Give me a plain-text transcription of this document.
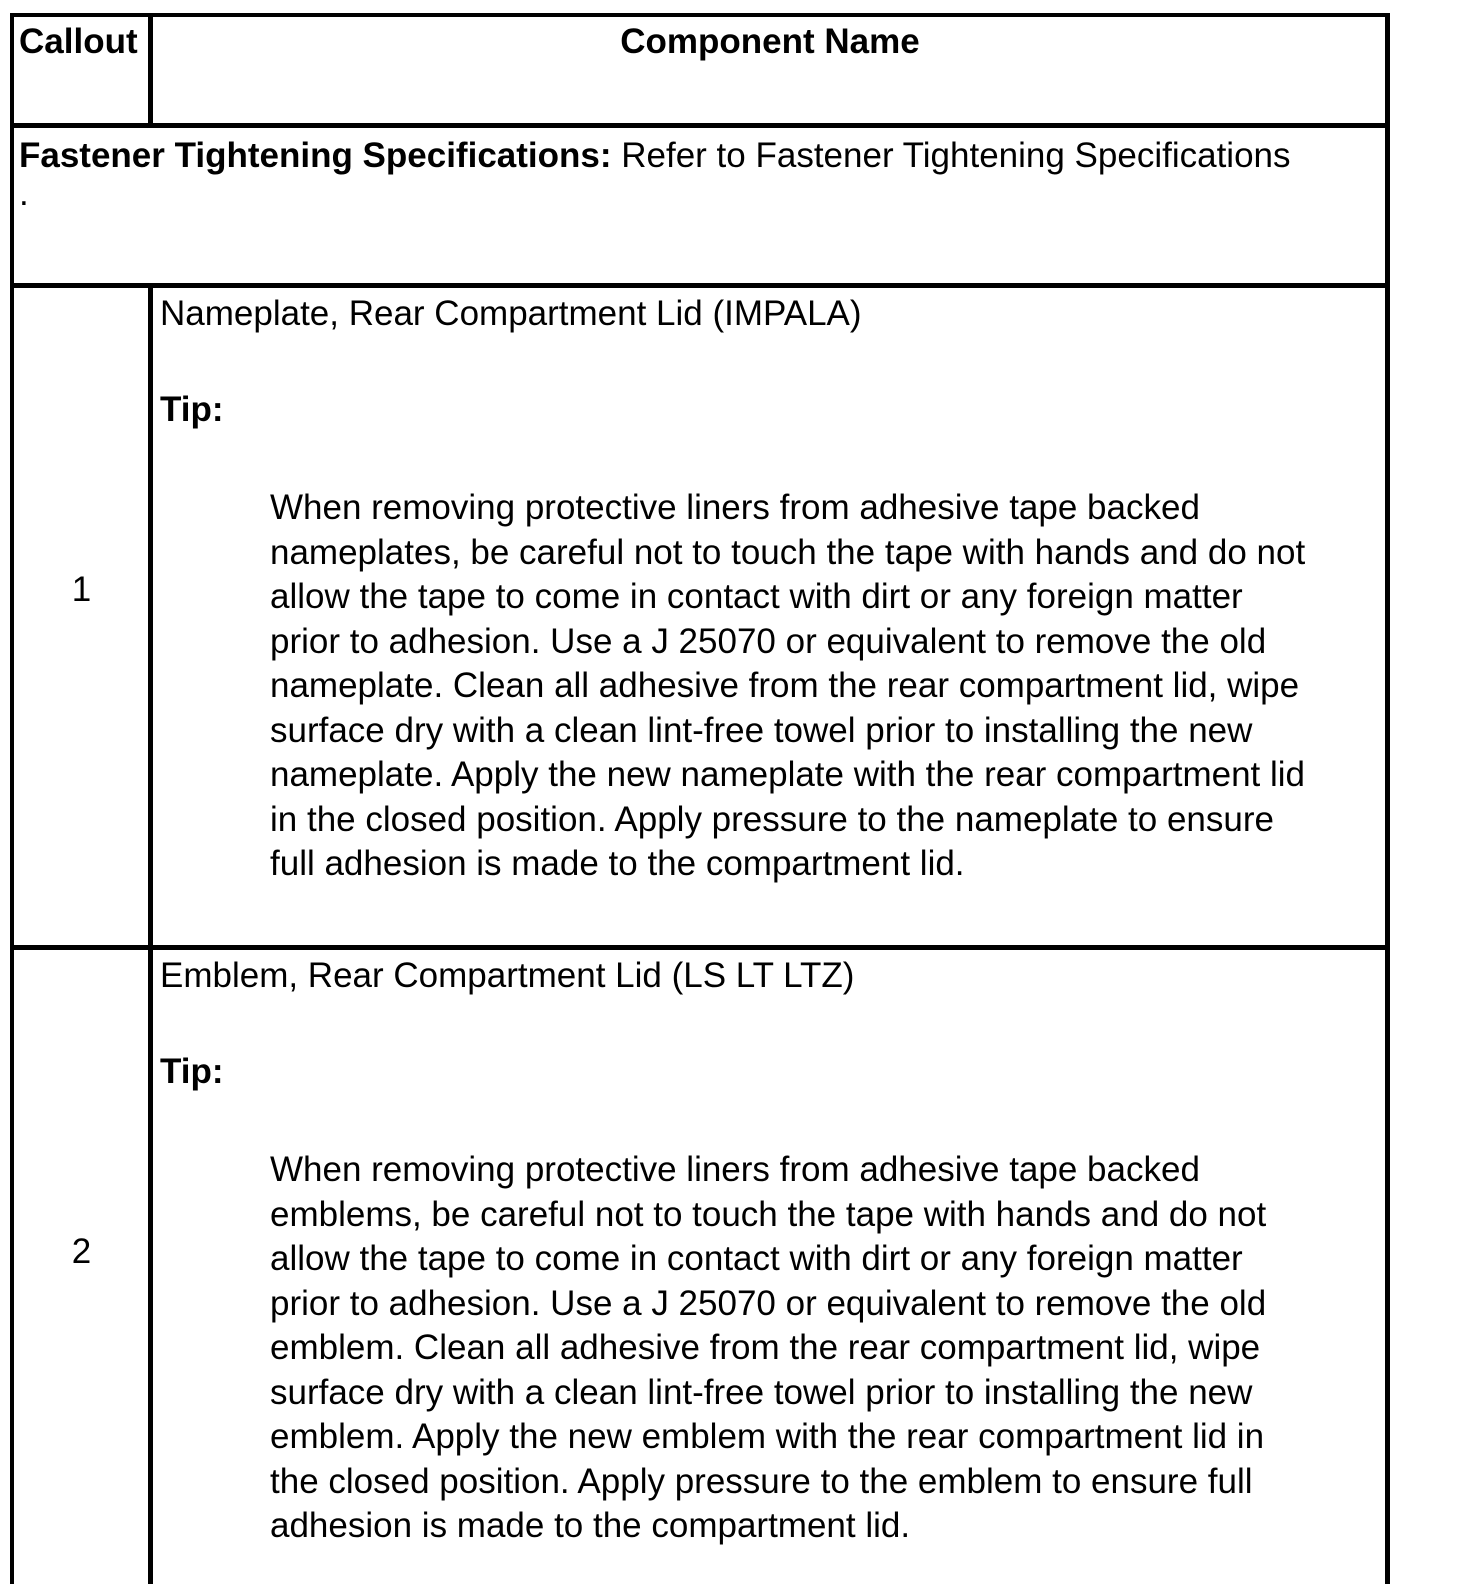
Callout	Component Name
Fastener Tightening Specifications: Refer to Fastener Tightening Specifications
.
1
Nameplate, Rear Compartment Lid (IMPALA)
Tip:
When removing protective liners from adhesive tape backed
nameplates, be careful not to touch the tape with hands and do not
allow the tape to come in contact with dirt or any foreign matter
prior to adhesion. Use a J 25070 or equivalent to remove the old
nameplate. Clean all adhesive from the rear compartment lid, wipe
surface dry with a clean lint-free towel prior to installing the new
nameplate. Apply the new nameplate with the rear compartment lid
in the closed position. Apply pressure to the nameplate to ensure
full adhesion is made to the compartment lid.
2
Emblem, Rear Compartment Lid (LS LT LTZ)
Tip:
When removing protective liners from adhesive tape backed
emblems, be careful not to touch the tape with hands and do not
allow the tape to come in contact with dirt or any foreign matter
prior to adhesion. Use a J 25070 or equivalent to remove the old
emblem. Clean all adhesive from the rear compartment lid, wipe
surface dry with a clean lint-free towel prior to installing the new
emblem. Apply the new emblem with the rear compartment lid in
the closed position. Apply pressure to the emblem to ensure full
adhesion is made to the compartment lid.
